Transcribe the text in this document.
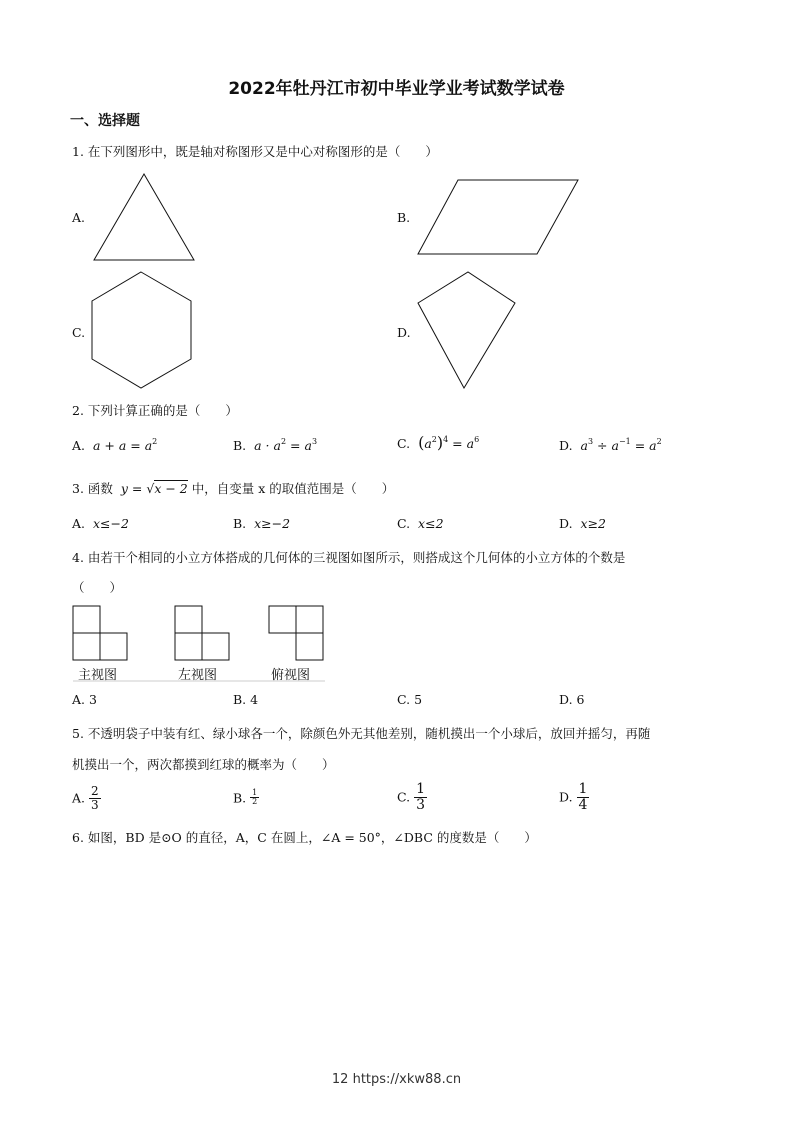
2022年牡丹江市初中毕业学业考试数学试卷
一、选择题
1. 在下列图形中，既是轴对称图形又是中心对称图形的是（　　）
A.	B.
C.	D.
2. 下列计算正确的是（　　）
A.  $a + a = a^2$	B.  $a \cdot a^2 = a^3$	C. $(a^2)^4 = a^6$	D.  $a^3 \div a^{-1} = a^2$
3. 函数  y = √x − 2 中，自变量 x 的取值范围是（　　）
A. x≤−2	B. x≥−2	C. x≤2	D. x≥2
4. 由若干个相同的小立方体搭成的几何体的三视图如图所示，则搭成这个几何体的小立方体的个数是
（　　）
主视图	左视图	俯视图
A. 3	B. 4	C. 5	D. 6
5. 不透明袋子中装有红、绿小球各一个，除颜色外无其他差别，随机摸出一个小球后，放回并摇匀，再随
机摸出一个，两次都摸到红球的概率为（　　）
A. $\frac{2}{3}$	B. $\frac{1}{2}$	C. $\frac{1}{3}$	D. $\frac{1}{4}$
6. 如图，BD 是⊙O 的直径，A，C 在圆上，∠A = 50°，∠DBC 的度数是（　　）
12 https://xkw88.cn
